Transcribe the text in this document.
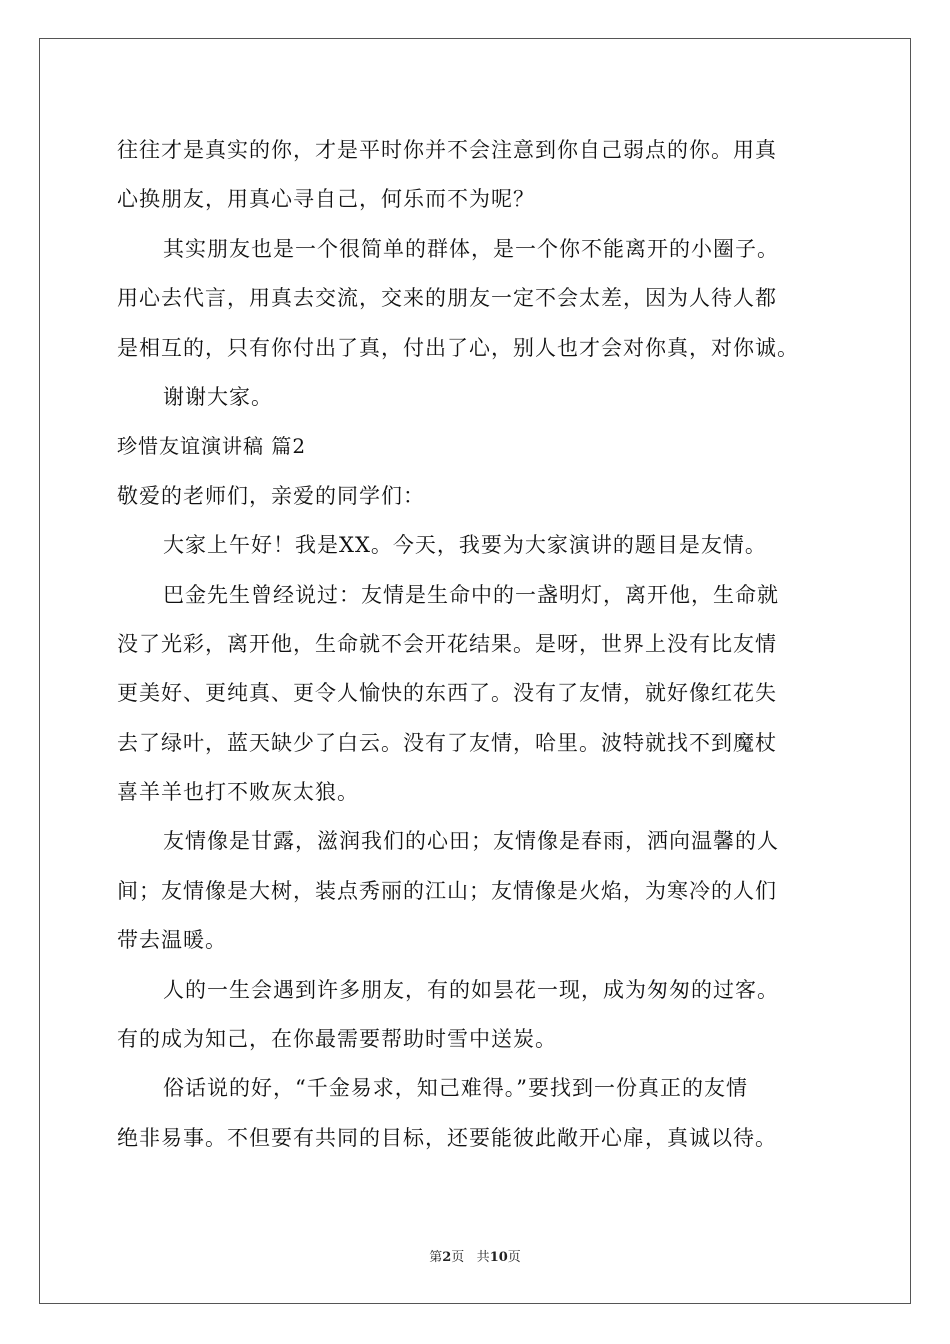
往往才是真实的你，才是平时你并不会注意到你自己弱点的你。用真
心换朋友，用真心寻自己，何乐而不为呢？
其实朋友也是一个很简单的群体，是一个你不能离开的小圈子。
用心去代言，用真去交流，交来的朋友一定不会太差，因为人待人都
是相互的，只有你付出了真，付出了心，别人也才会对你真，对你诚。
谢谢大家。
珍惜友谊演讲稿 篇2
敬爱的老师们，亲爱的同学们：
大家上午好！我是XX。今天，我要为大家演讲的题目是友情。
巴金先生曾经说过：友情是生命中的一盏明灯，离开他，生命就
没了光彩，离开他，生命就不会开花结果。是呀，世界上没有比友情
更美好、更纯真、更令人愉快的东西了。没有了友情，就好像红花失
去了绿叶，蓝天缺少了白云。没有了友情，哈里。波特就找不到魔杖
喜羊羊也打不败灰太狼。
友情像是甘露，滋润我们的心田；友情像是春雨，洒向温馨的人
间；友情像是大树，装点秀丽的江山；友情像是火焰，为寒冷的人们
带去温暖。
人的一生会遇到许多朋友，有的如昙花一现，成为匆匆的过客。
有的成为知己，在你最需要帮助时雪中送炭。
俗话说的好，“千金易求，知己难得。”要找到一份真正的友情
绝非易事。不但要有共同的目标，还要能彼此敞开心扉，真诚以待。
第2页 共10页
